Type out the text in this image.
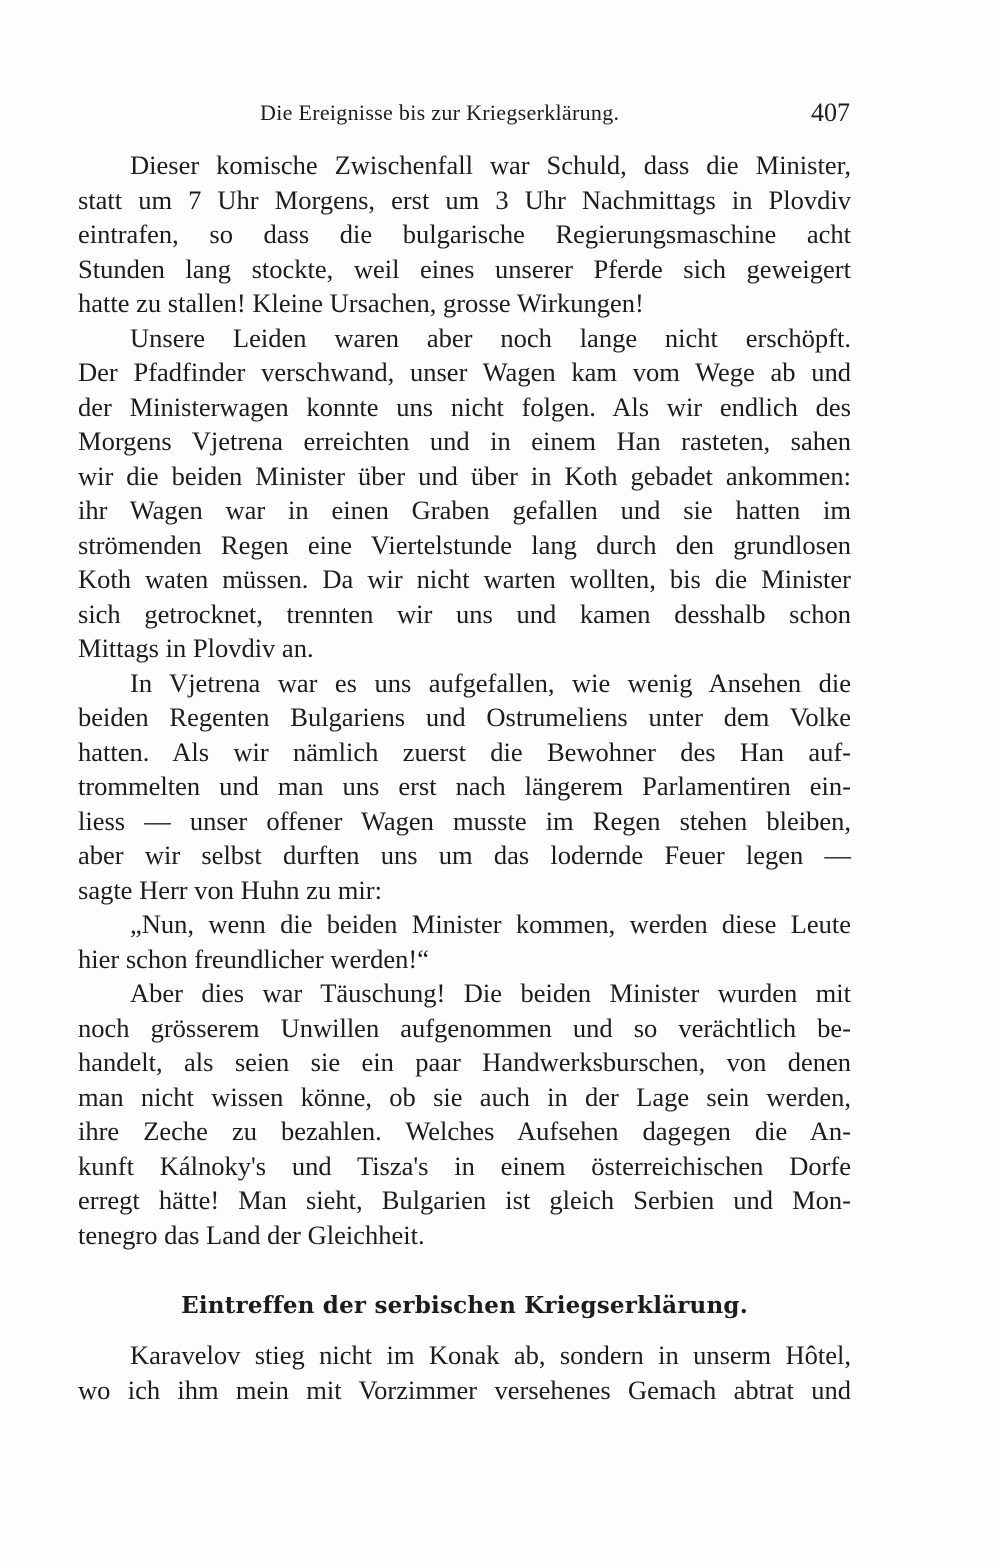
Die Ereignisse bis zur Kriegserklärung.	407
Dieser komische Zwischenfall war Schuld, dass die Minister,
statt um 7 Uhr Morgens, erst um 3 Uhr Nachmittags in Plovdiv
eintrafen, so dass die bulgarische Regierungsmaschine acht
Stunden lang stockte, weil eines unserer Pferde sich geweigert
hatte zu stallen! Kleine Ursachen, grosse Wirkungen!
Unsere Leiden waren aber noch lange nicht erschöpft.
Der Pfadfinder verschwand, unser Wagen kam vom Wege ab und
der Ministerwagen konnte uns nicht folgen. Als wir endlich des
Morgens Vjetrena erreichten und in einem Han rasteten, sahen
wir die beiden Minister über und über in Koth gebadet ankommen:
ihr Wagen war in einen Graben gefallen und sie hatten im
strömenden Regen eine Viertelstunde lang durch den grundlosen
Koth waten müssen. Da wir nicht warten wollten, bis die Minister
sich getrocknet, trennten wir uns und kamen desshalb schon
Mittags in Plovdiv an.
In Vjetrena war es uns aufgefallen, wie wenig Ansehen die
beiden Regenten Bulgariens und Ostrumeliens unter dem Volke
hatten. Als wir nämlich zuerst die Bewohner des Han auf-
trommelten und man uns erst nach längerem Parlamentiren ein-
liess — unser offener Wagen musste im Regen stehen bleiben,
aber wir selbst durften uns um das lodernde Feuer legen —
sagte Herr von Huhn zu mir:
„Nun, wenn die beiden Minister kommen, werden diese Leute
hier schon freundlicher werden!“
Aber dies war Täuschung! Die beiden Minister wurden mit
noch grösserem Unwillen aufgenommen und so verächtlich be-
handelt, als seien sie ein paar Handwerksburschen, von denen
man nicht wissen könne, ob sie auch in der Lage sein werden,
ihre Zeche zu bezahlen. Welches Aufsehen dagegen die An-
kunft Kálnoky's und Tisza's in einem österreichischen Dorfe
erregt hätte! Man sieht, Bulgarien ist gleich Serbien und Mon-
tenegro das Land der Gleichheit.
Eintreffen der serbischen Kriegserklärung.
Karavelov stieg nicht im Konak ab, sondern in unserm Hôtel,
wo ich ihm mein mit Vorzimmer versehenes Gemach abtrat und
